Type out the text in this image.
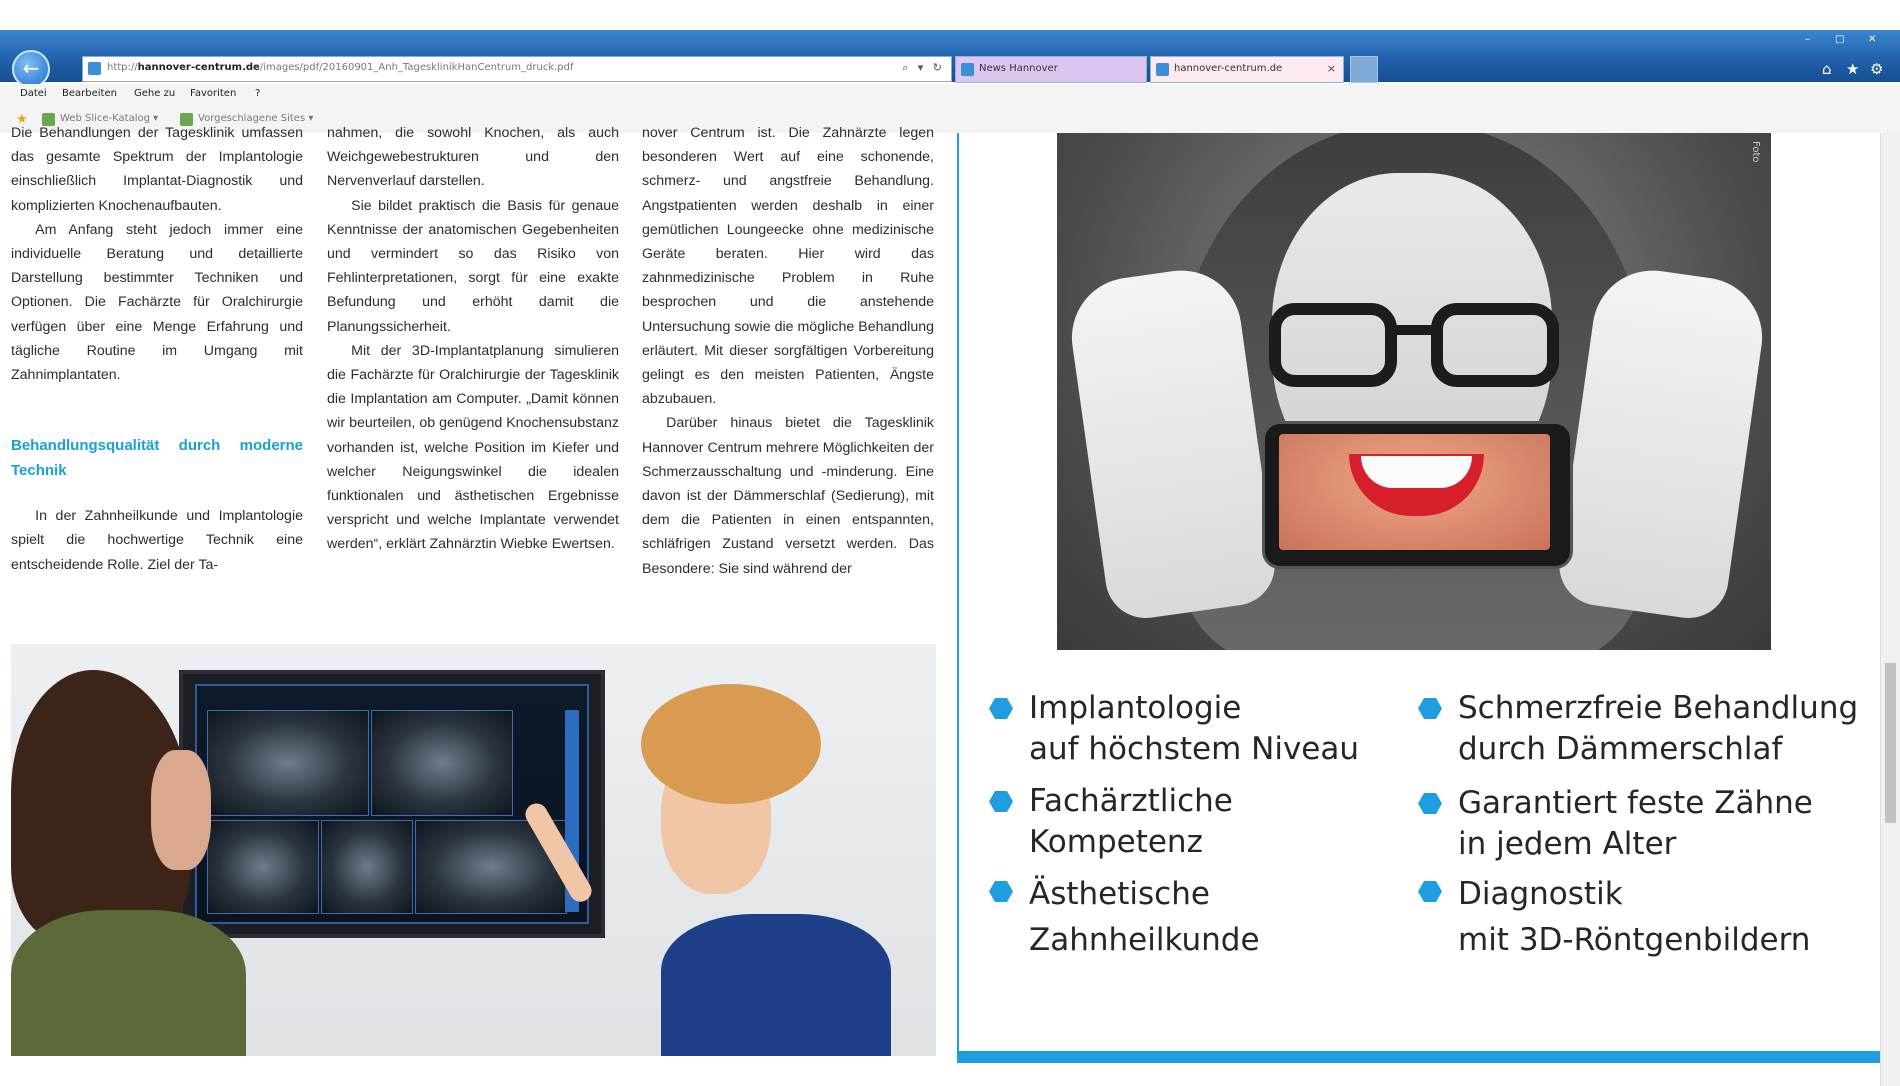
←	http://hannover-centrum.de/images/pdf/20160901_Anh_TagesklinikHanCentrum_druck.pdf	⌕ ▾ ↻	News Hannover	hannover-centrum.de	×
–	□ ✕
⌂ ★ ⚙
Datei Bearbeiten Gehe zu Favoriten ?
★	Web Slice-Katalog ▾	Vorgeschlagene Sites ▾

Die Behandlungen der Tagesklinik umfassen das gesamte Spektrum der Implantologie einschließlich Implantat-Diagnostik und komplizierten Knochenaufbauten.

Am Anfang steht jedoch immer eine individuelle Beratung und detaillierte Darstellung bestimmter Techniken und Optionen. Die Fachärzte für Oralchirurgie verfügen über eine Menge Erfahrung und tägliche Routine im Umgang mit Zahnimplantaten.

Behandlungsqualität durch moderne Technik

In der Zahnheilkunde und Implantologie spielt die hochwertige Technik eine entscheidende Rolle. Ziel der Ta-

nahmen, die sowohl Knochen, als auch Weichgewebestrukturen und den Nervenverlauf darstellen.

Sie bildet praktisch die Basis für genaue Kenntnisse der anatomischen Gegebenheiten und vermindert so das Risiko von Fehlinterpretationen, sorgt für eine exakte Befundung und erhöht damit die Planungssicherheit.

Mit der 3D-Implantatplanung simulieren die Fachärzte für Oralchirurgie der Tagesklinik die Implantation am Computer. „Damit können wir beurteilen, ob genügend Knochensubstanz vorhanden ist, welche Position im Kiefer und welcher Neigungswinkel die idealen funktionalen und ästhetischen Ergebnisse verspricht und welche Implantate verwendet werden“, erklärt Zahnärztin Wiebke Ewertsen.

nover Centrum ist. Die Zahnärzte legen besonderen Wert auf eine schonende, schmerz- und angstfreie Behandlung. Angstpatienten werden deshalb in einer gemütlichen Loungeecke ohne medizinische Geräte beraten. Hier wird das zahnmedizinische Problem in Ruhe besprochen und die anstehende Untersuchung sowie die mögliche Behandlung erläutert. Mit dieser sorgfältigen Vorbereitung gelingt es den meisten Patienten, Ängste abzubauen.

Darüber hinaus bietet die Tagesklinik Hannover Centrum mehrere Möglichkeiten der Schmerzausschaltung und -minderung. Eine davon ist der Dämmerschlaf (Sedierung), mit dem die Patienten in einen entspannten, schläfrigen Zustand versetzt werden. Das Besondere: Sie sind während der

Foto
Implantologie
auf höchstem Niveau
Schmerzfreie Behandlung
durch Dämmerschlaf
Fachärztliche
Kompetenz
Garantiert feste Zähne
in jedem Alter
Ästhetische
Zahnheilkunde
Diagnostik
mit 3D-Röntgenbildern
